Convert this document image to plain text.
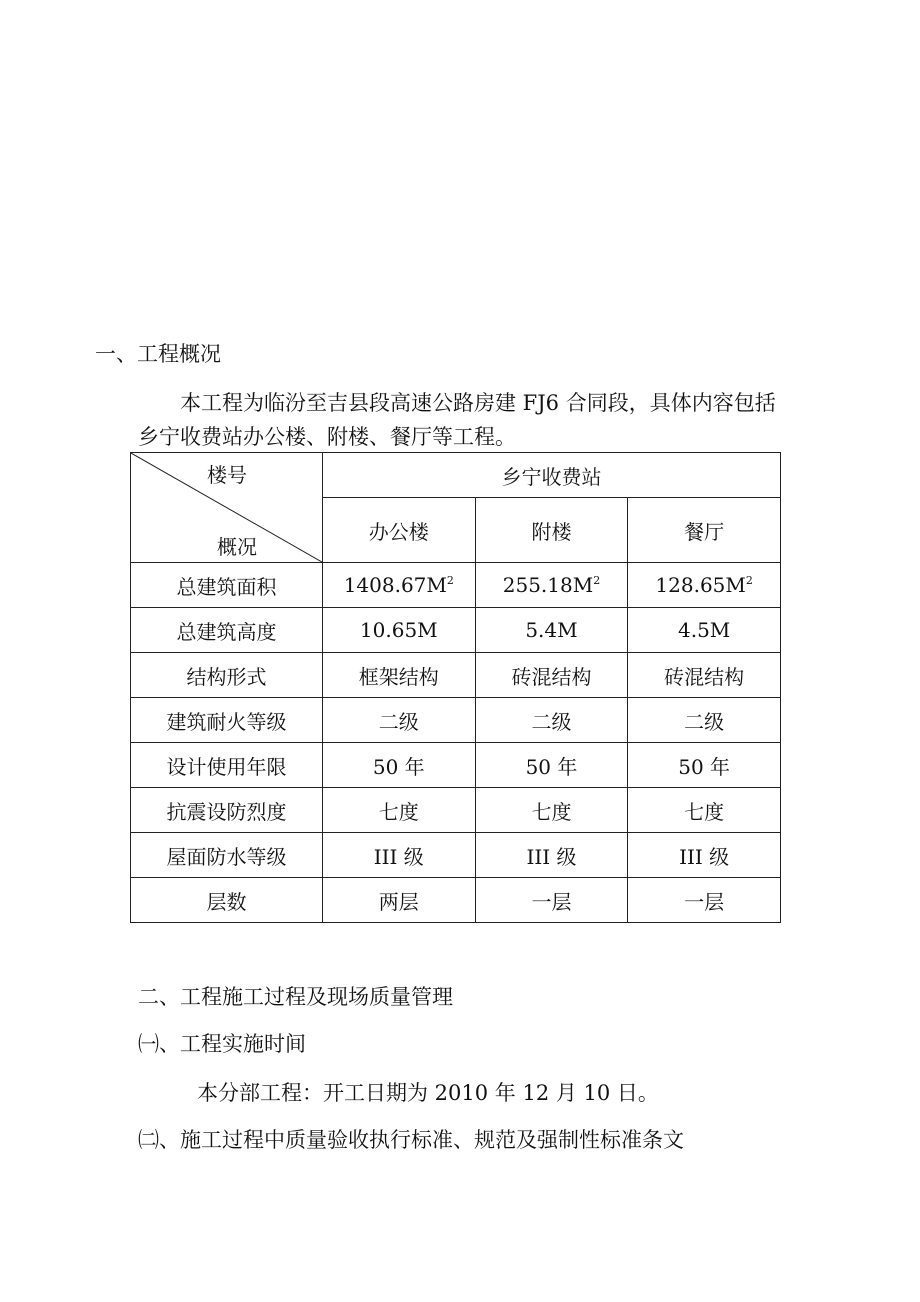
一、工程概况
本工程为临汾至吉县段高速公路房建 FJ6 合同段，具体内容包括
乡宁收费站办公楼、附楼、餐厅等工程。
楼号
概况	乡宁收费站		
	办公楼	附楼	餐厅
总建筑面积	$1408.67M^2$	$255.18M^2$	$128.65M^2$
总建筑高度	10.65M	5.4M	4.5M
结构形式	框架结构	砖混结构	砖混结构
建筑耐火等级	二级	二级	二级
设计使用年限	50 年	50 年	50 年
抗震设防烈度	七度	七度	七度
屋面防水等级	III 级	III 级	III 级
层数	两层	一层	一层
二、工程施工过程及现场质量管理
㈠、工程实施时间
本分部工程：开工日期为 2010 年 12 月 10 日。
㈡、施工过程中质量验收执行标准、规范及强制性标准条文
